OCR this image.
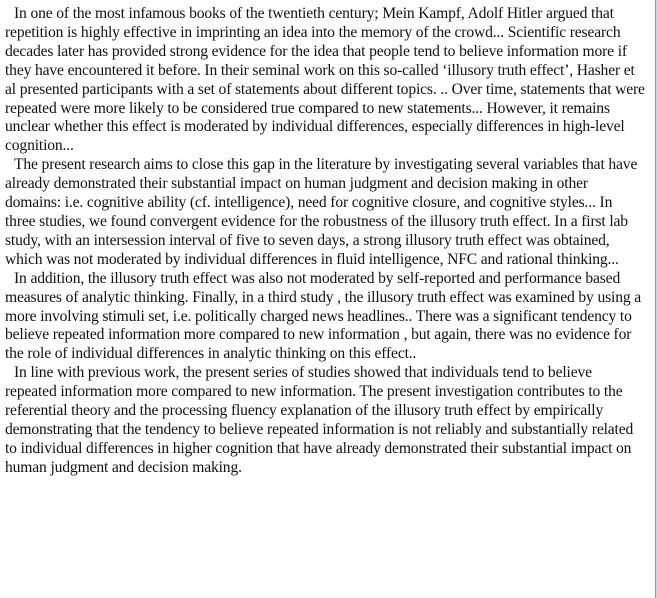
In one of the most infamous books of the twentieth century; Mein Kampf, Adolf Hitler argued that repetition is highly effective in imprinting an idea into the memory of the crowd... Scientific research decades later has provided strong evidence for the idea that people tend to believe information more if they have encountered it before. In their seminal work on this so-called ‘illusory truth effect’, Hasher et al presented participants with a set of statements about different topics. .. Over time, statements that were repeated were more likely to be considered true compared to new statements... However, it remains unclear whether this effect is moderated by individual differences, especially differences in high-level cognition...

The present research aims to close this gap in the literature by investigating several variables that have already demonstrated their substantial impact on human judgment and decision making in other domains: i.e. cognitive ability (cf. intelligence), need for cognitive closure, and cognitive styles... In three studies, we found convergent evidence for the robustness of the illusory truth effect. In a first lab study, with an intersession interval of five to seven days, a strong illusory truth effect was obtained, which was not moderated by individual differences in fluid intelligence, NFC and rational thinking...

In addition, the illusory truth effect was also not moderated by self-reported and performance based measures of analytic thinking. Finally, in a third study , the illusory truth effect was examined by using a more involving stimuli set, i.e. politically charged news headlines.. There was a significant tendency to believe repeated information more compared to new information , but again, there was no evidence for the role of individual differences in analytic thinking on this effect..

In line with previous work, the present series of studies showed that individuals tend to believe repeated information more compared to new information. The present investigation contributes to the referential theory and the processing fluency explanation of the illusory truth effect by empirically demonstrating that the tendency to believe repeated information is not reliably and substantially related to individual differences in higher cognition that have already demonstrated their substantial impact on human judgment and decision making.
